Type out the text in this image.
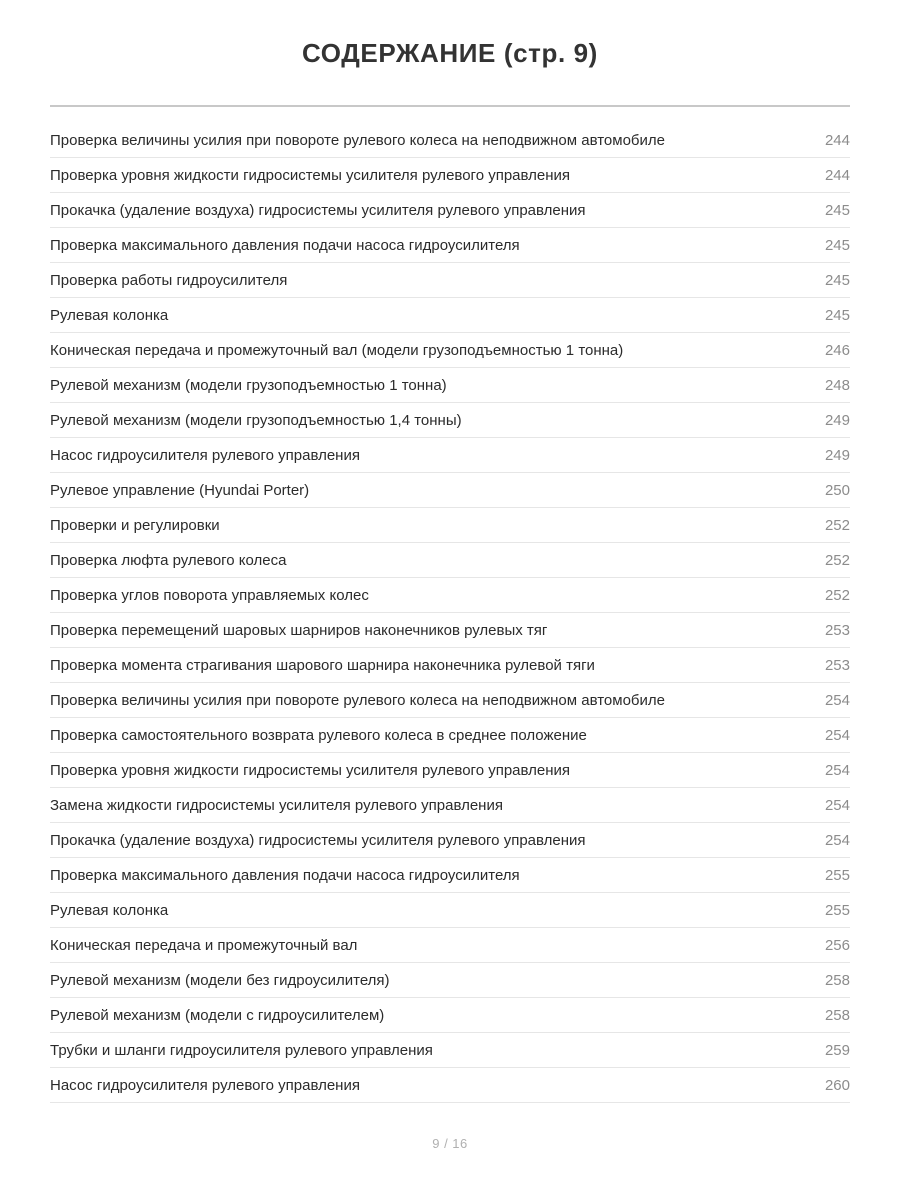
СОДЕРЖАНИЕ (стр. 9)
Проверка величины усилия при повороте рулевого колеса на неподвижном автомобиле	244
Проверка уровня жидкости гидросистемы усилителя рулевого управления	244
Прокачка (удаление воздуха) гидросистемы усилителя рулевого управления	245
Проверка максимального давления подачи насоса гидроусилителя	245
Проверка работы гидроусилителя	245
Рулевая колонка	245
Коническая передача и промежуточный вал (модели грузоподъемностью 1 тонна)	246
Рулевой механизм (модели грузоподъемностью 1 тонна)	248
Рулевой механизм (модели грузоподъемностью 1,4 тонны)	249
Насос гидроусилителя рулевого управления	249
Рулевое управление (Hyundai Porter)	250
Проверки и регулировки	252
Проверка люфта рулевого колеса	252
Проверка углов поворота управляемых колес	252
Проверка перемещений шаровых шарниров наконечников рулевых тяг	253
Проверка момента страгивания шарового шарнира наконечника рулевой тяги	253
Проверка величины усилия при повороте рулевого колеса на неподвижном автомобиле	254
Проверка самостоятельного возврата рулевого колеса в среднее положение	254
Проверка уровня жидкости гидросистемы усилителя рулевого управления	254
Замена жидкости гидросистемы усилителя рулевого управления	254
Прокачка (удаление воздуха) гидросистемы усилителя рулевого управления	254
Проверка максимального давления подачи насоса гидроусилителя	255
Рулевая колонка	255
Коническая передача и промежуточный вал	256
Рулевой механизм (модели без гидроусилителя)	258
Рулевой механизм (модели с гидроусилителем)	258
Трубки и шланги гидроусилителя рулевого управления	259
Насос гидроусилителя рулевого управления	260
9 / 16
